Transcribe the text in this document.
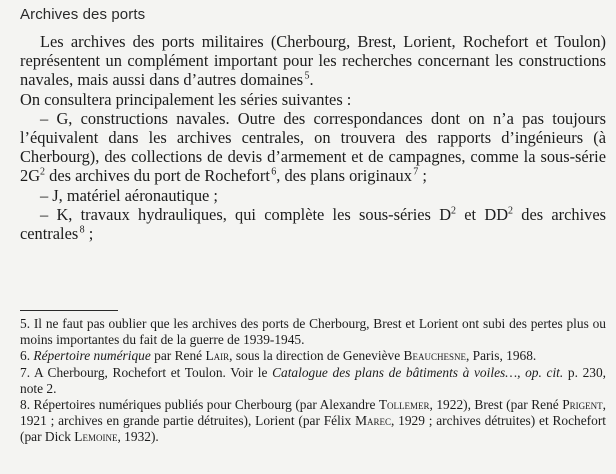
Archives des ports

Les archives des ports militaires (Cherbourg, Brest, Lorient, Rochefort et Toulon) représentent un complément important pour les recherches concernant les constructions navales, mais aussi dans d’autres domaines $^5$.

On consultera principalement les séries suivantes :

– G, constructions navales. Outre des correspondances dont on n’a pas toujours l’équivalent dans les archives centrales, on trouvera des rapports d’ingénieurs (à Cherbourg), des collections de devis d’armement et de campagnes, comme la sous-série $2G^2$ des archives du port de Rochefort $^6$, des plans originaux $^7$ ;

– J, matériel aéronautique ;

– K, travaux hydrauliques, qui complète les sous-séries $D^2$ et $DD^2$ des archives centrales $^8$ ;

5. Il ne faut pas oublier que les archives des ports de Cherbourg, Brest et Lorient ont subi des pertes plus ou moins importantes du fait de la guerre de 1939-1945.

6. Répertoire numérique par René Lair, sous la direction de Geneviève Beauchesne, Paris, 1968.

7. A Cherbourg, Rochefort et Toulon. Voir le Catalogue des plans de bâtiments à voiles…, op. cit. p. 230, note 2.

8. Répertoires numériques publiés pour Cherbourg (par Alexandre Tollemer, 1922), Brest (par René Prigent, 1921 ; archives en grande partie détruites), Lorient (par Félix Marec, 1929 ; archives détruites) et Rochefort (par Dick Lemoine, 1932).
